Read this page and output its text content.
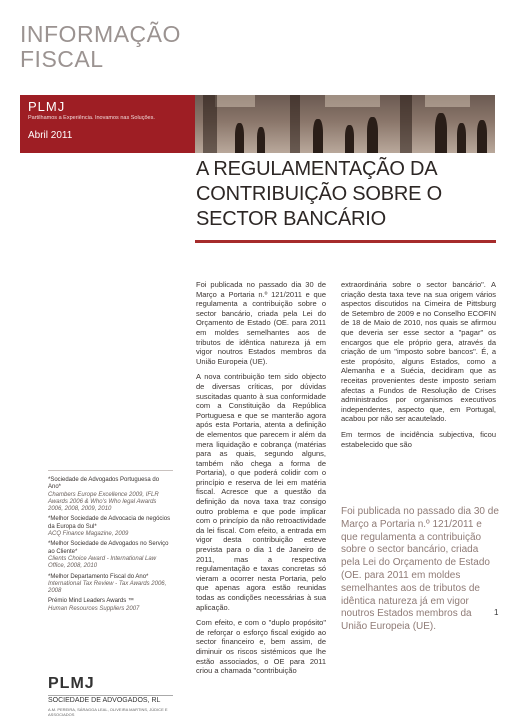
INFORMAÇÃO
FISCAL
PLMJ
Partilhamos a Experiência. Inovamos nas Soluções.
Abril 2011
A REGULAMENTAÇÃO DA
CONTRIBUIÇÃO SOBRE O
SECTOR BANCÁRIO

Foi publicada no passado dia 30 de Março a Portaria n.º 121/2011 e que regulamenta a contribuição sobre o sector bancário, criada pela Lei do Orçamento de Estado (OE. para 2011 em moldes semelhantes aos de tributos de idêntica natureza já em vigor noutros Estados membros da União Europeia (UE).

A nova contribuição tem sido objecto de diversas críticas, por dúvidas suscitadas quanto à sua conformidade com a Constituição da República Portuguesa e que se manterão agora após esta Portaria, atenta a definição de elementos que parecem ir além da mera liquidação e cobrança (matérias para as quais, segundo alguns, também não chega a forma de Portaria), o que poderá colidir com o princípio e reserva de lei em matéria fiscal. Acresce que a questão da definição da nova taxa traz consigo outro problema e que pode implicar com o princípio da não retroactividade da lei fiscal. Com efeito, a entrada em vigor desta contribuição esteve prevista para o dia 1 de Janeiro de 2011, mas a respectiva regulamentação e taxas concretas só vieram a ocorrer nesta Portaria, pelo que apenas agora estão reunidas todas as condições necessárias à sua aplicação.

Com efeito, e com o "duplo propósito" de reforçar o esforço fiscal exigido ao sector financeiro e, bem assim, de diminuir os riscos sistémicos que lhe estão associados, o OE para 2011 criou a chamada "contribuição

extraordinária sobre o sector bancário". A criação desta taxa teve na sua origem vários aspectos discutidos na Cimeira de Pittsburg de Setembro de 2009 e no Conselho ECOFIN de 18 de Maio de 2010, nos quais se afirmou que deveria ser esse sector a "pagar" os encargos que ele próprio gera, através da criação de um "imposto sobre bancos". É, a este propósito, alguns Estados, como a Alemanha e a Suécia, decidiram que as receitas provenientes deste imposto seriam afectas a Fundos de Resolução de Crises administrados por organismos executivos independentes, aspecto que, em Portugal, acabou por não ser acautelado.

Em termos de incidência subjectiva, ficou estabelecido que são

Foi publicada no passado dia 30 de Março a Portaria n.º 121/2011 e que regulamenta a contribuição sobre o sector bancário, criada pela Lei do Orçamento de Estado (OE. para 2011 em moldes semelhantes aos de tributos de idêntica natureza já em vigor noutros Estados membros da União Europeia (UE).
*Sociedade de Advogados Portuguesa do Ano*
Chambers Europe Excellence 2009, IFLR Awards 2006 & Who's Who legal Awards 2006, 2008, 2009, 2010
*Melhor Sociedade de Advocacia de negócios da Europa do Sul*
ACQ Finance Magazine, 2009
*Melhor Sociedade de Advogados no Serviço ao Cliente*
Clients Choice Award - International Law Office, 2008, 2010
*Melhor Departamento Fiscal do Ano*
International Tax Review - Tax Awards 2006, 2008
Prémio Mind Leaders Awards ™
Human Resources Suppliers 2007
PLMJ
SOCIEDADE DE ADVOGADOS, RL
A.M. PEREIRA, SÁRAGGA LEAL, OLIVEIRA MARTINS, JÚDICE E ASSOCIADOS
1
